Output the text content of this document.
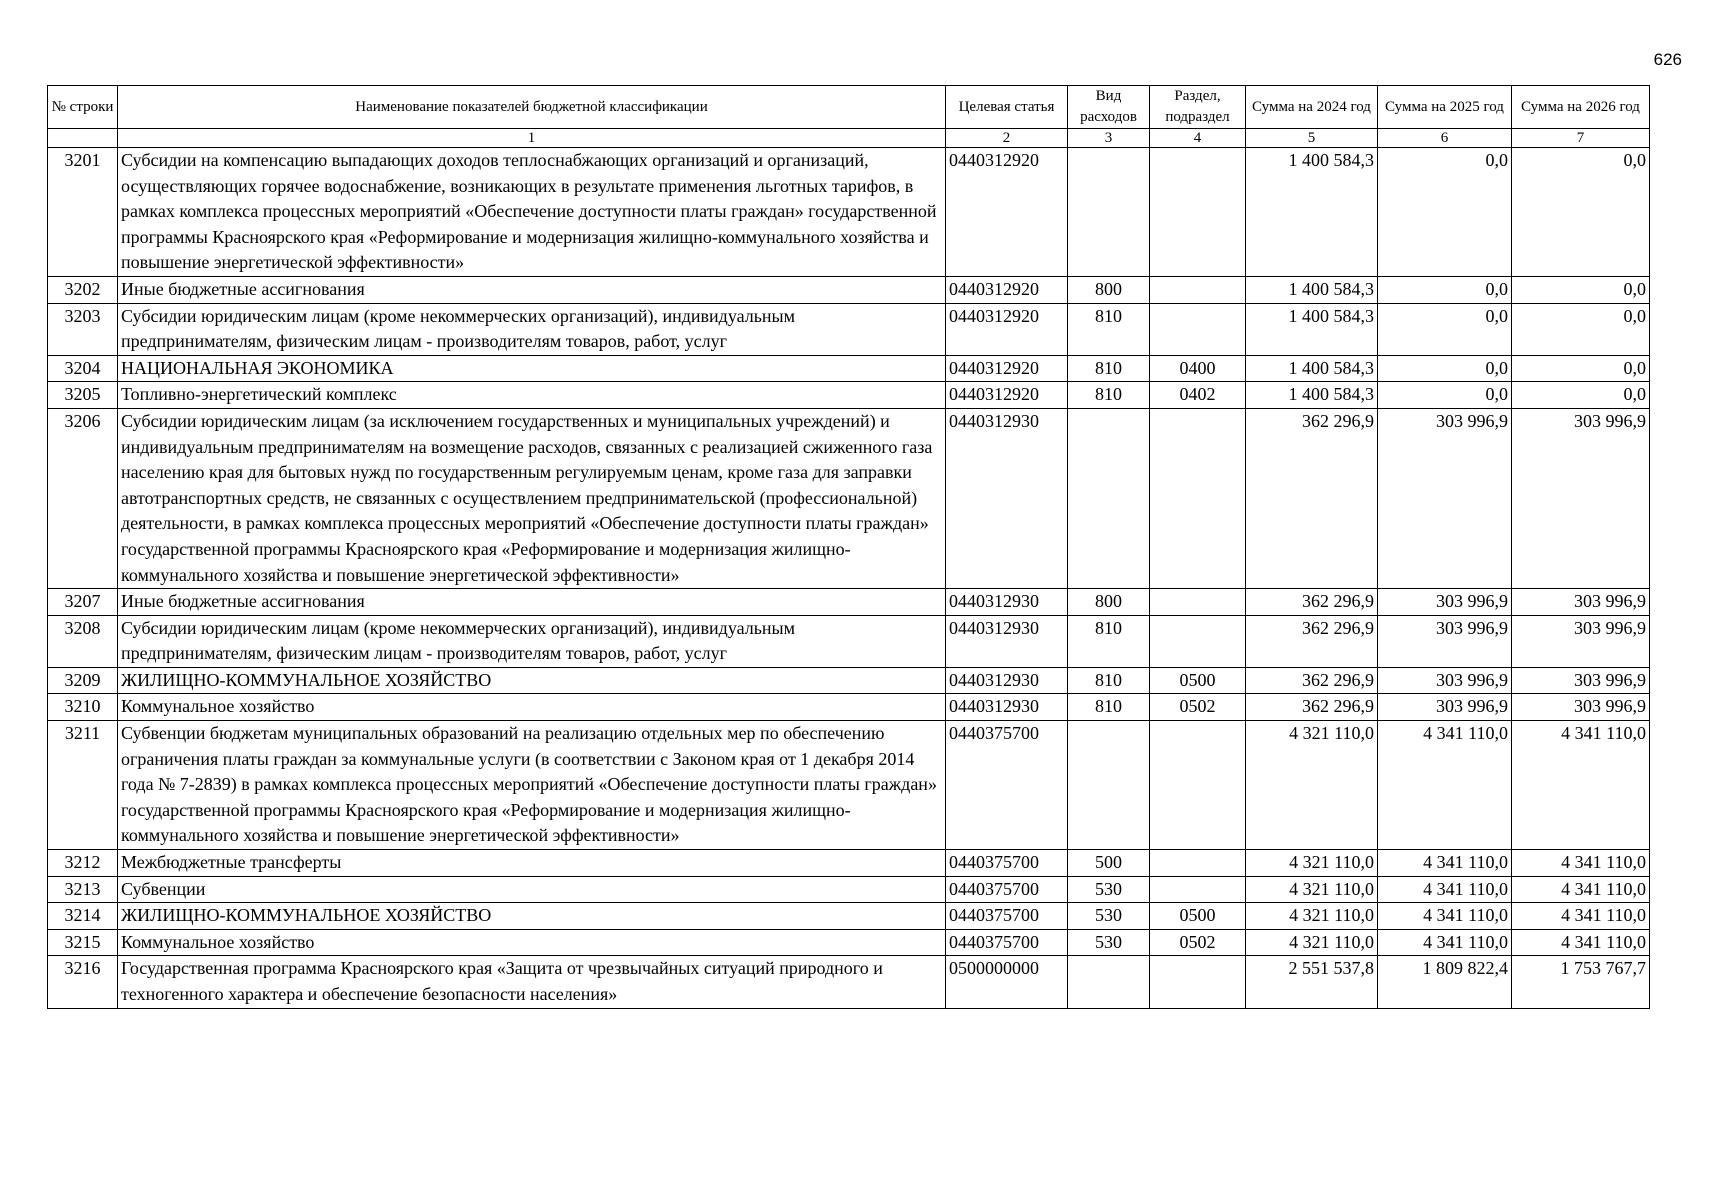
626
№ строки	Наименование показателей бюджетной классификации	Целевая статья	Вид расходов	Раздел, подраздел	Сумма на 2024 год	Сумма на 2025 год	Сумма на 2026 год
	1	2	3	4	5	6	7
3201	Субсидии на компенсацию выпадающих доходов теплоснабжающих организаций и организаций, осуществляющих горячее водоснабжение, возникающих в результате применения льготных тарифов, в рамках комплекса процессных мероприятий «Обеспечение доступности платы граждан» государственной программы Красноярского края «Реформирование и модернизация жилищно-коммунального хозяйства и повышение энергетической эффективности»	0440312920			1 400 584,3	0,0	0,0
3202	Иные бюджетные ассигнования	0440312920	800		1 400 584,3	0,0	0,0
3203	Субсидии юридическим лицам (кроме некоммерческих организаций), индивидуальным предпринимателям, физическим лицам - производителям товаров, работ, услуг	0440312920	810		1 400 584,3	0,0	0,0
3204	НАЦИОНАЛЬНАЯ ЭКОНОМИКА	0440312920	810	0400	1 400 584,3	0,0	0,0
3205	Топливно-энергетический комплекс	0440312920	810	0402	1 400 584,3	0,0	0,0
3206	Субсидии юридическим лицам (за исключением государственных и муниципальных учреждений) и индивидуальным предпринимателям на возмещение расходов, связанных с реализацией сжиженного газа населению края для бытовых нужд по государственным регулируемым ценам, кроме газа для заправки автотранспортных средств, не связанных с осуществлением предпринимательской (профессиональной) деятельности, в рамках комплекса процессных мероприятий «Обеспечение доступности платы граждан» государственной программы Красноярского края «Реформирование и модернизация жилищно-коммунального хозяйства и повышение энергетической эффективности»	0440312930			362 296,9	303 996,9	303 996,9
3207	Иные бюджетные ассигнования	0440312930	800		362 296,9	303 996,9	303 996,9
3208	Субсидии юридическим лицам (кроме некоммерческих организаций), индивидуальным предпринимателям, физическим лицам - производителям товаров, работ, услуг	0440312930	810		362 296,9	303 996,9	303 996,9
3209	ЖИЛИЩНО-КОММУНАЛЬНОЕ ХОЗЯЙСТВО	0440312930	810	0500	362 296,9	303 996,9	303 996,9
3210	Коммунальное хозяйство	0440312930	810	0502	362 296,9	303 996,9	303 996,9
3211	Субвенции бюджетам муниципальных образований на реализацию отдельных мер по обеспечению ограничения платы граждан за коммунальные услуги (в соответствии с Законом края от 1 декабря 2014 года № 7-2839) в рамках комплекса процессных мероприятий «Обеспечение доступности платы граждан» государственной программы Красноярского края «Реформирование и модернизация жилищно-коммунального хозяйства и повышение энергетической эффективности»	0440375700			4 321 110,0	4 341 110,0	4 341 110,0
3212	Межбюджетные трансферты	0440375700	500		4 321 110,0	4 341 110,0	4 341 110,0
3213	Субвенции	0440375700	530		4 321 110,0	4 341 110,0	4 341 110,0
3214	ЖИЛИЩНО-КОММУНАЛЬНОЕ ХОЗЯЙСТВО	0440375700	530	0500	4 321 110,0	4 341 110,0	4 341 110,0
3215	Коммунальное хозяйство	0440375700	530	0502	4 321 110,0	4 341 110,0	4 341 110,0
3216	Государственная программа Красноярского края «Защита от чрезвычайных ситуаций природного и техногенного характера и обеспечение безопасности населения»	0500000000			2 551 537,8	1 809 822,4	1 753 767,7
